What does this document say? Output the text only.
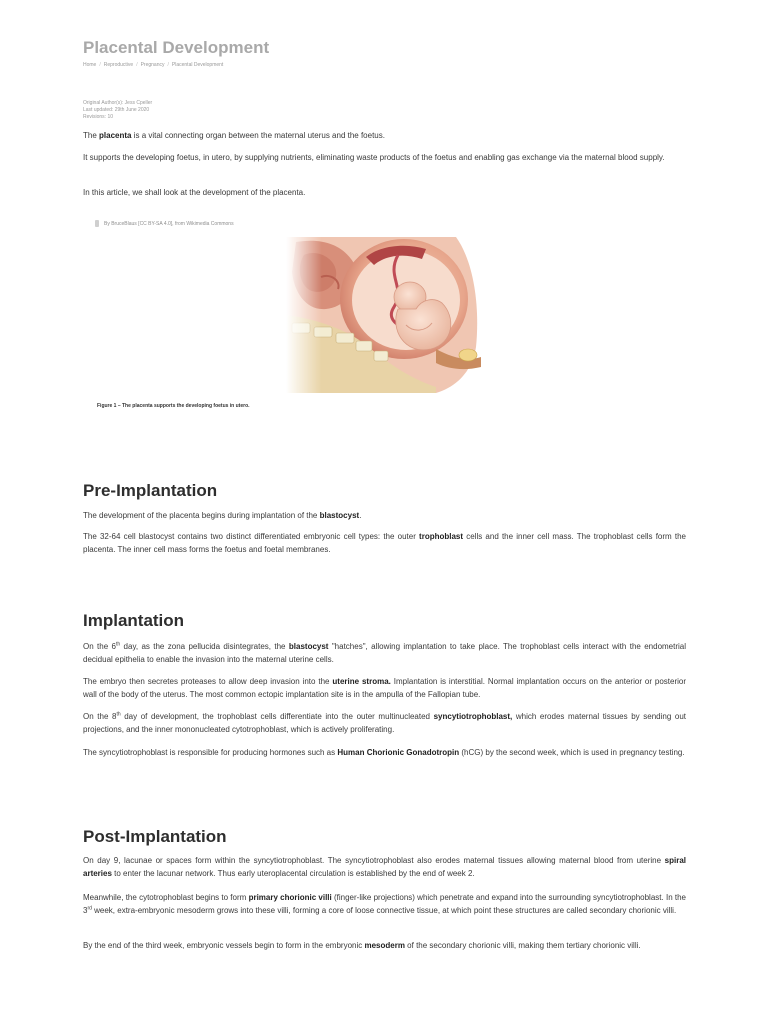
Placental Development
Home / Reproductive / Pregnancy / Placental Development
Original Author(s): Jess Cpeller
Last updated: 29th June 2020
Revisions: 10

The placenta is a vital connecting organ between the maternal uterus and the foetus.

It supports the developing foetus, in utero, by supplying nutrients, eliminating waste products of the foetus and enabling gas exchange via the maternal blood supply.

In this article, we shall look at the development of the placenta.

By BruceBlaus [CC BY-SA 4.0], from Wikimedia Commons
Figure 1 – The placenta supports the developing foetus in utero.
Pre-Implantation

The development of the placenta begins during implantation of the blastocyst.

The 32-64 cell blastocyst contains two distinct differentiated embryonic cell types: the outer trophoblast cells and the inner cell mass. The trophoblast cells form the placenta. The inner cell mass forms the foetus and foetal membranes.

Implantation

On the 6th day, as the zona pellucida disintegrates, the blastocyst "hatches", allowing implantation to take place. The trophoblast cells interact with the endometrial decidual epithelia to enable the invasion into the maternal uterine cells.

The embryo then secretes proteases to allow deep invasion into the uterine stroma. Implantation is interstitial. Normal implantation occurs on the anterior or posterior wall of the body of the uterus. The most common ectopic implantation site is in the ampulla of the Fallopian tube.

On the 8th day of development, the trophoblast cells differentiate into the outer multinucleated syncytiotrophoblast, which erodes maternal tissues by sending out projections, and the inner mononucleated cytotrophoblast, which is actively proliferating.

The syncytiotrophoblast is responsible for producing hormones such as Human Chorionic Gonadotropin (hCG) by the second week, which is used in pregnancy testing.

Post-Implantation

On day 9, lacunae or spaces form within the syncytiotrophoblast. The syncytiotrophoblast also erodes maternal tissues allowing maternal blood from uterine spiral arteries to enter the lacunar network. Thus early uteroplacental circulation is established by the end of week 2.

Meanwhile, the cytotrophoblast begins to form primary chorionic villi (finger-like projections) which penetrate and expand into the surrounding syncytiotrophoblast. In the 3rd week, extra-embryonic mesoderm grows into these villi, forming a core of loose connective tissue, at which point these structures are called secondary chorionic villi.

By the end of the third week, embryonic vessels begin to form in the embryonic mesoderm of the secondary chorionic villi, making them tertiary chorionic villi.
